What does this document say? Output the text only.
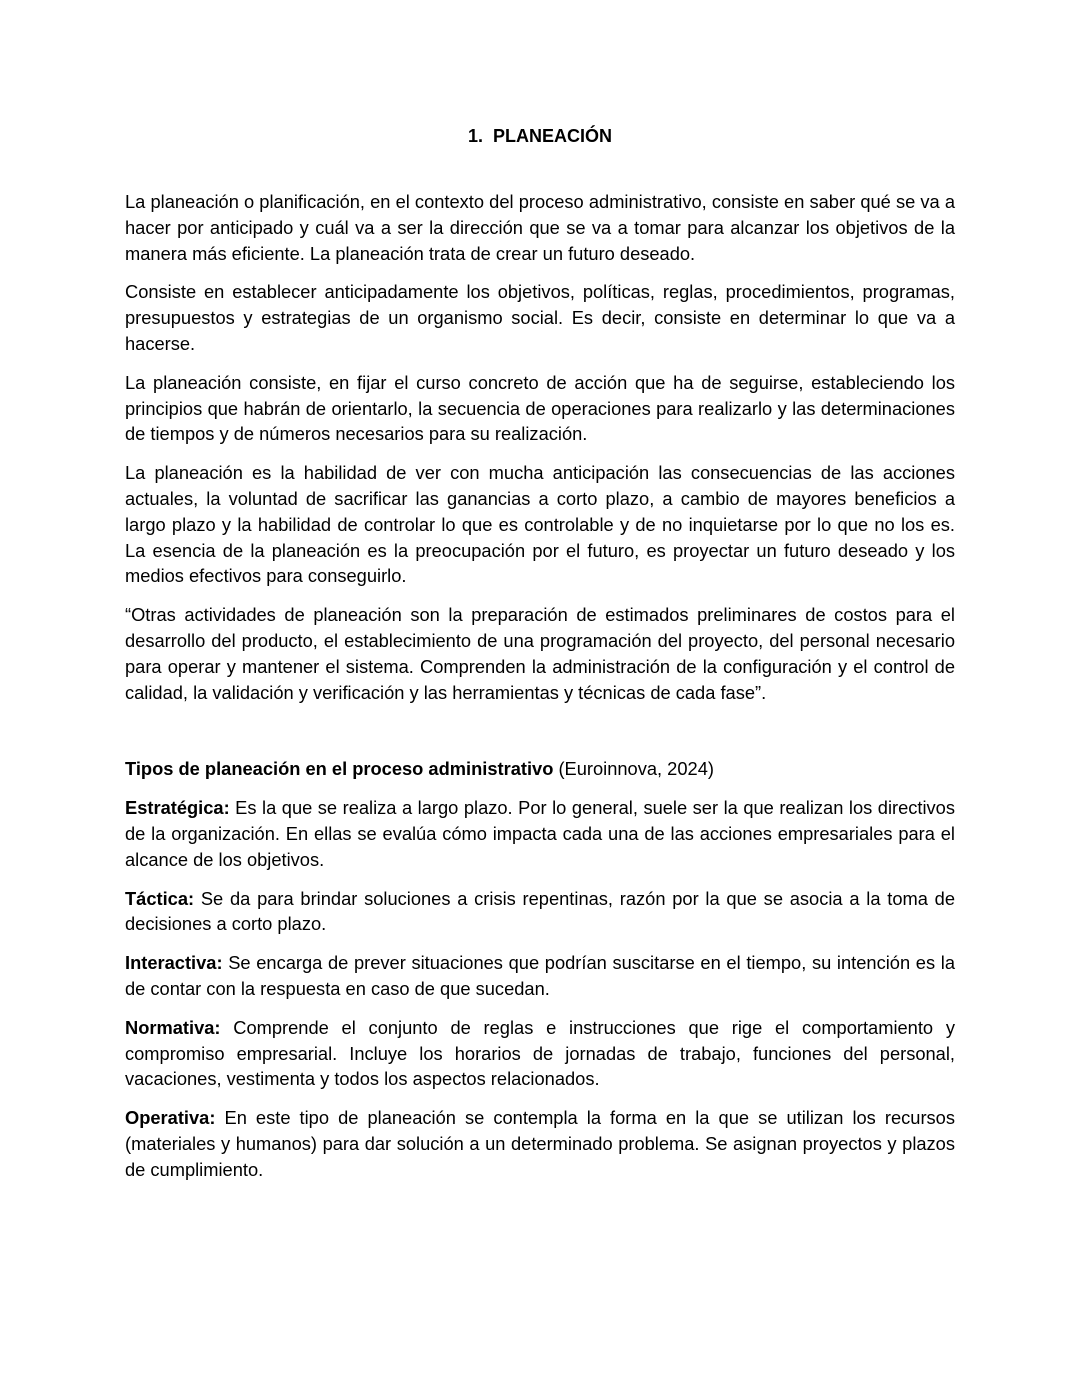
1. PLANEACIÓN

La planeación o planificación, en el contexto del proceso administrativo, consiste en saber qué se va a hacer por anticipado y cuál va a ser la dirección que se va a tomar para alcanzar los objetivos de la manera más eficiente. La planeación trata de crear un futuro deseado.

Consiste en establecer anticipadamente los objetivos, políticas, reglas, procedimientos, programas, presupuestos y estrategias de un organismo social. Es decir, consiste en determinar lo que va a hacerse.

La planeación consiste, en fijar el curso concreto de acción que ha de seguirse, estableciendo los principios que habrán de orientarlo, la secuencia de operaciones para realizarlo y las determinaciones de tiempos y de números necesarios para su realización.

La planeación es la habilidad de ver con mucha anticipación las consecuencias de las acciones actuales, la voluntad de sacrificar las ganancias a corto plazo, a cambio de mayores beneficios a largo plazo y la habilidad de controlar lo que es controlable y de no inquietarse por lo que no los es. La esencia de la planeación es la preocupación por el futuro, es proyectar un futuro deseado y los medios efectivos para conseguirlo.

“Otras actividades de planeación son la preparación de estimados preliminares de costos para el desarrollo del producto, el establecimiento de una programación del proyecto, del personal necesario para operar y mantener el sistema. Comprenden la administración de la configuración y el control de calidad, la validación y verificación y las herramientas y técnicas de cada fase”.

Tipos de planeación en el proceso administrativo (Euroinnova, 2024)

Estratégica: Es la que se realiza a largo plazo. Por lo general, suele ser la que realizan los directivos de la organización. En ellas se evalúa cómo impacta cada una de las acciones empresariales para el alcance de los objetivos.

Táctica: Se da para brindar soluciones a crisis repentinas, razón por la que se asocia a la toma de decisiones a corto plazo.

Interactiva: Se encarga de prever situaciones que podrían suscitarse en el tiempo, su intención es la de contar con la respuesta en caso de que sucedan.

Normativa: Comprende el conjunto de reglas e instrucciones que rige el comportamiento y compromiso empresarial. Incluye los horarios de jornadas de trabajo, funciones del personal, vacaciones, vestimenta y todos los aspectos relacionados.

Operativa: En este tipo de planeación se contempla la forma en la que se utilizan los recursos (materiales y humanos) para dar solución a un determinado problema. Se asignan proyectos y plazos de cumplimiento.
